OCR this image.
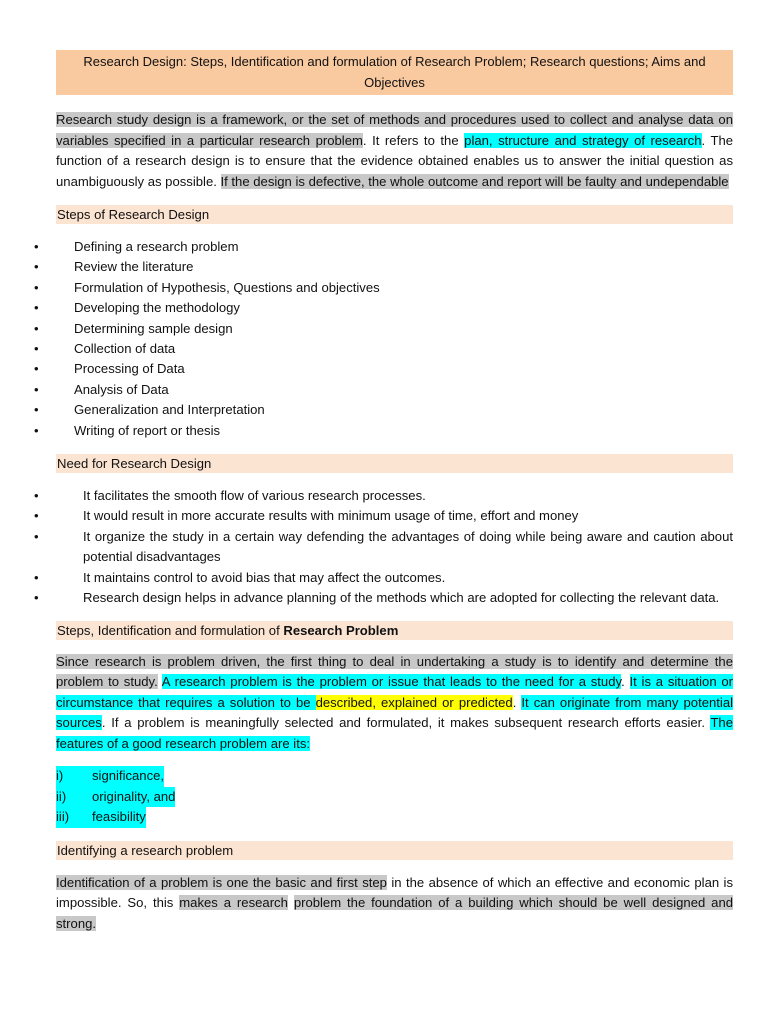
Research Design: Steps, Identification and formulation of Research Problem; Research questions; Aims and Objectives

Research study design is a framework, or the set of methods and procedures used to collect and analyse data on variables specified in a particular research problem. It refers to the plan, structure and strategy of research. The function of a research design is to ensure that the evidence obtained enables us to answer the initial question as unambiguously as possible. If the design is defective, the whole outcome and report will be faulty and undependable

Steps of Research Design
•	Defining a research problem
•	Review the literature
•	Formulation of Hypothesis, Questions and objectives
•	Developing the methodology
•	Determining sample design
•	Collection of data
•	Processing of Data
•	Analysis of Data
•	Generalization and Interpretation
•	Writing of report or thesis
Need for Research Design
•	It facilitates the smooth flow of various research processes.
•	It would result in more accurate results with minimum usage of time, effort and money
•	It organize the study in a certain way defending the advantages of doing while being aware and caution about potential disadvantages
•	It maintains control to avoid bias that may affect the outcomes.
•	Research design helps in advance planning of the methods which are adopted for collecting the relevant data.
Steps, Identification and formulation of Research Problem

Since research is problem driven, the first thing to deal in undertaking a study is to identify and determine the problem to study. A research problem is the problem or issue that leads to the need for a study. It is a situation or circumstance that requires a solution to be described, explained or predicted. It can originate from many potential sources. If a problem is meaningfully selected and formulated, it makes subsequent research efforts easier. The features of a good research problem are its:

i) significance,
ii) originality, and
iii) feasibility
Identifying a research problem

Identification of a problem is one the basic and first step in the absence of which an effective and economic plan is impossible. So, this makes a research problem the foundation of a building which should be well designed and strong.
